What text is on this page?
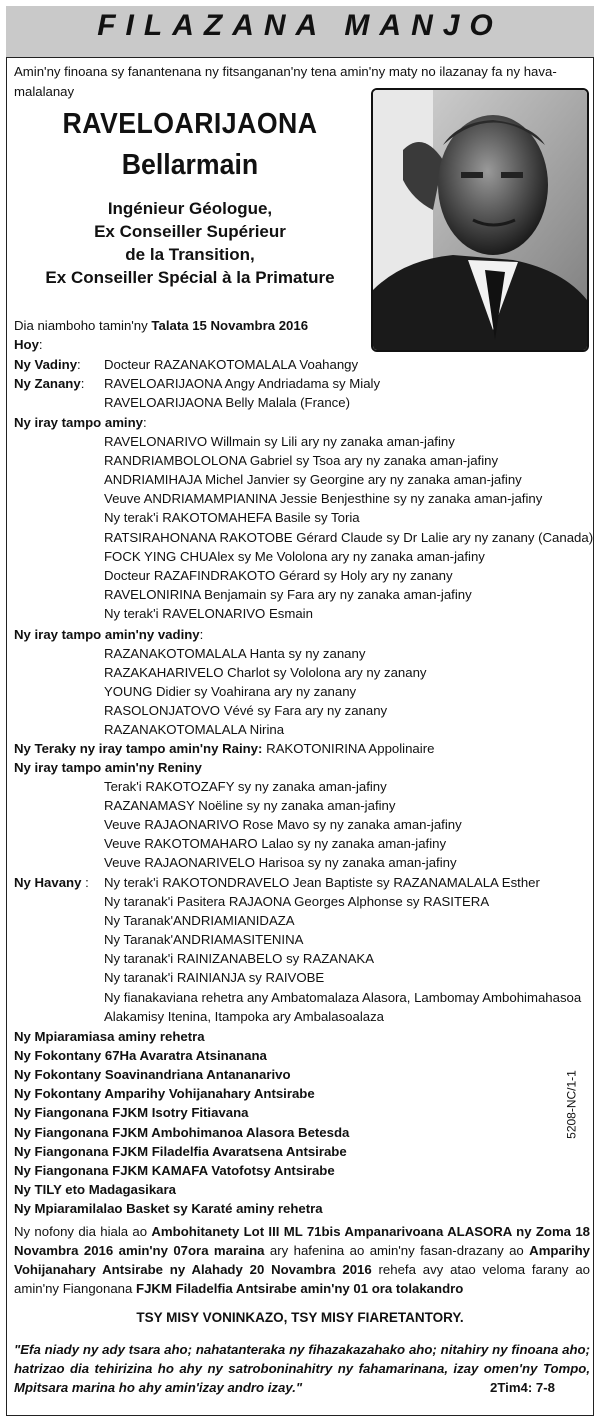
FILAZANA MANJO
Amin'ny finoana sy fanantenana ny fitsanganan'ny tena amin'ny maty no ilazanay fa ny hava-malalanay
RAVELOARIJAONA
Bellarmain
Ingénieur Géologue,
Ex Conseiller Supérieur
de la Transition,
Ex Conseiller Spécial à la Primature
Dia niamboho tamin'ny Talata 15 Novambra 2016
Hoy:
Ny Vadiny: Docteur RAZANAKOTOMALALA Voahangy
Ny Zanany: RAVELOARIJAONA Angy Andriadama sy Mialy
RAVELOARIJAONA Belly Malala (France)
Ny iray tampo aminy:
RAVELONARIVO Willmain sy Lili ary ny zanaka aman-jafiny
RANDRIAMBOLOLONA Gabriel sy Tsoa ary ny zanaka aman-jafiny
ANDRIAMIHAJA Michel Janvier sy Georgine ary ny zanaka aman-jafiny
Veuve ANDRIAMAMPIANINA Jessie Benjesthine sy ny zanaka aman-jafiny
Ny terak'i RAKOTOMAHEFA Basile sy Toria
RATSIRAHONANA RAKOTOBE Gérard Claude sy Dr Lalie ary ny zanany (Canada)
FOCK YING CHUAlex sy Me Vololona ary ny zanaka aman-jafiny
Docteur RAZAFINDRAKOTO Gérard sy Holy ary ny zanany
RAVELONIRINA Benjamain sy Fara ary ny zanaka aman-jafiny
Ny terak'i RAVELONARIVO Esmain
Ny iray tampo amin'ny vadiny:
RAZANAKOTOMALALA Hanta sy ny zanany
RAZAKAHARIVELO Charlot sy Vololona ary ny zanany
YOUNG Didier sy Voahirana ary ny zanany
RASOLONJATOVO Vévé sy Fara ary ny zanany
RAZANAKOTOMALALA Nirina
Ny Teraky ny iray tampo amin'ny Rainy: RAKOTONIRINA Appolinaire
Ny iray tampo amin'ny Reniny
Terak'i RAKOTOZAFY sy ny zanaka aman-jafiny
RAZANAMASY Noëline sy ny zanaka aman-jafiny
Veuve RAJAONARIVO Rose Mavo sy ny zanaka aman-jafiny
Veuve RAKOTOMAHARO Lalao sy ny zanaka aman-jafiny
Veuve RAJAONARIVELO Harisoa sy ny zanaka aman-jafiny
Ny Havany : Ny terak'i RAKOTONDRAVELO Jean Baptiste sy RAZANAMALALA Esther
Ny taranak'i Pasitera RAJAONA Georges Alphonse sy RASITERA
Ny Taranak'ANDRIAMIANIDAZA
Ny Taranak'ANDRIAMASITENINA
Ny taranak'i RAINIZANABELO sy RAZANAKA
Ny taranak'i RAINIANJA sy RAIVOBE
Ny fianakaviana rehetra any Ambatomalaza Alasora, Lambomay Ambohimahasoa
Alakamisy Itenina, Itampoka ary Ambalasoalaza
Ny Mpiaramiasa aminy rehetra
Ny Fokontany 67Ha Avaratra Atsinanana
Ny Fokontany Soavinandriana Antananarivo
Ny Fokontany Amparihy Vohijanahary Antsirabe
Ny Fiangonana FJKM Isotry Fitiavana
Ny Fiangonana FJKM Ambohimanoa Alasora Betesda
Ny Fiangonana FJKM Filadelfia Avaratsena Antsirabe
Ny Fiangonana FJKM KAMAFA Vatofotsy Antsirabe
Ny TILY eto Madagasikara
Ny Mpiaramilalao Basket sy Karaté aminy rehetra
5208-NC/1-1
Ny nofony dia hiala ao Ambohitanety Lot III ML 71bis Ampanarivoana ALASORA ny Zoma 18 Novambra 2016 amin'ny 07ora maraina ary hafenina ao amin'ny fasan-drazany ao Amparihy Vohijanahary Antsirabe ny Alahady 20 Novambra 2016 rehefa avy atao veloma farany ao amin'ny Fiangonana FJKM Filadelfia Antsirabe amin'ny 01 ora tolakandro
TSY MISY VONINKAZO, TSY MISY FIARETANTORY.
"Efa niady ny ady tsara aho; nahatanteraka ny fihazakazahako aho; nitahiry ny finoana aho; hatrizao dia tehirizina ho ahy ny satroboninahitry ny fahamarinana, izay omen'ny Tompo, Mpitsara marina ho ahy amin'izay andro izay."	2Tim4: 7-8
